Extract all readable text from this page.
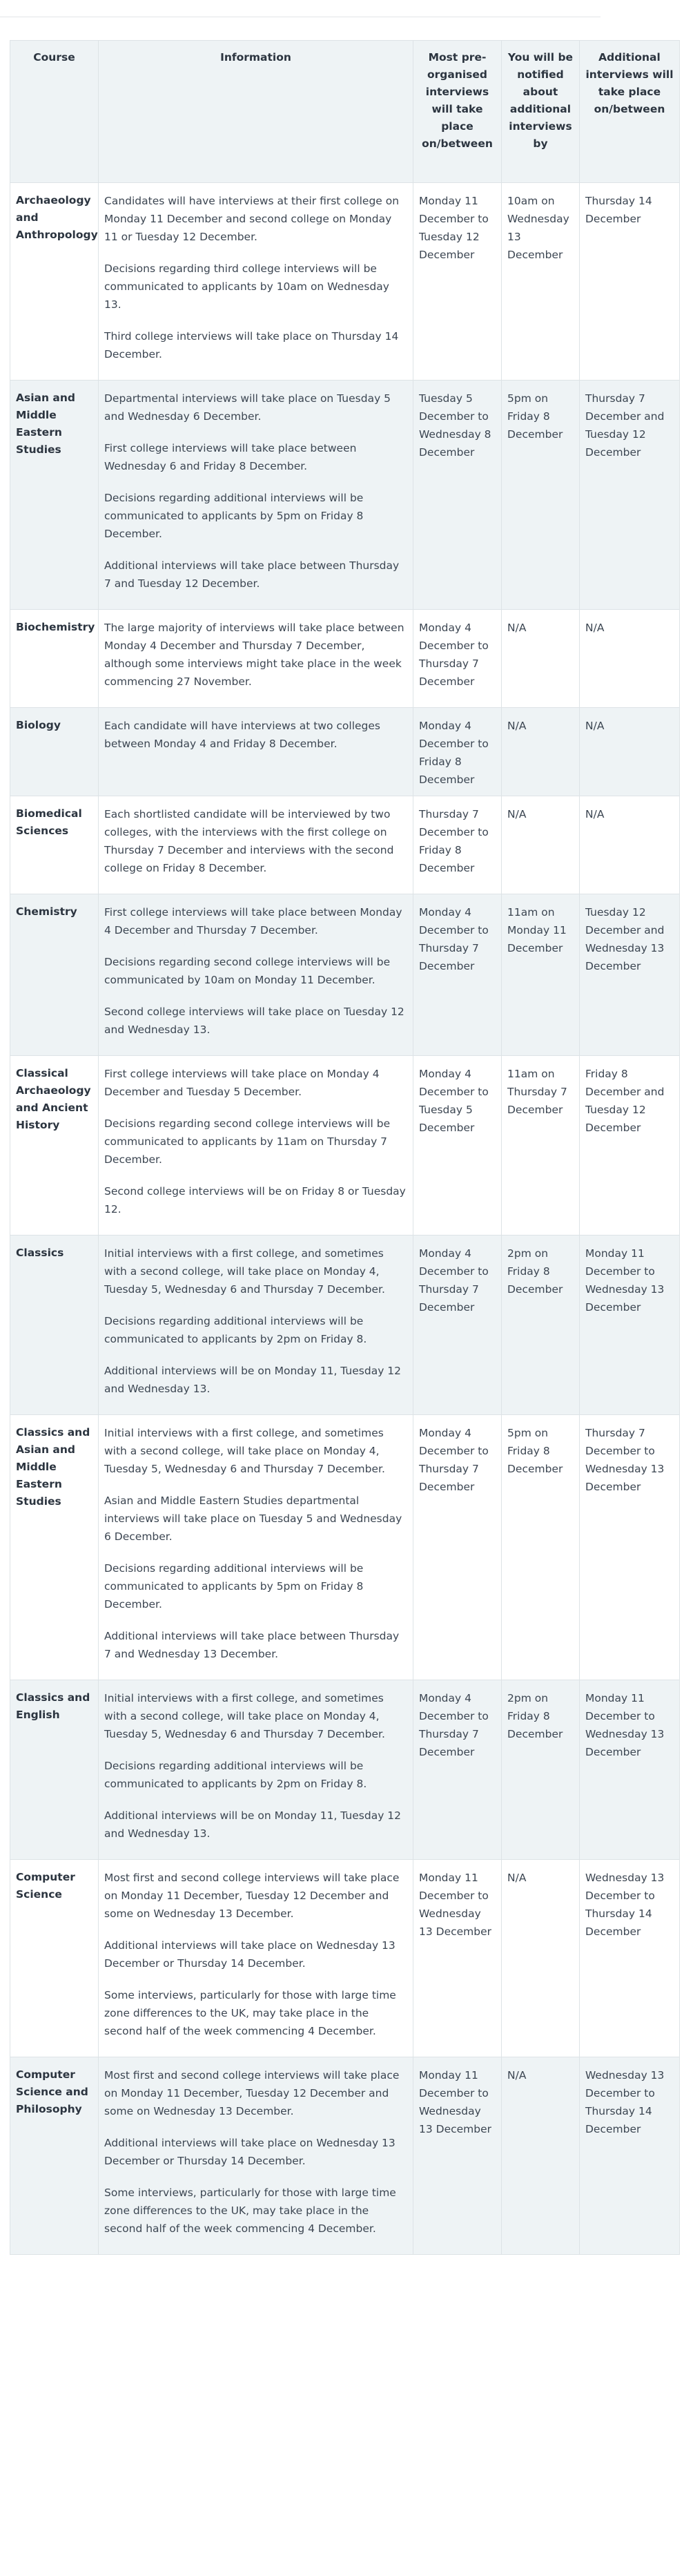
Course	Information	Most pre-organised interviews will take place on/between	You will be notified about additional interviews by	Additional interviews will take place on/between
Archaeology and Anthropology	Candidates will have interviews at their first college on Monday 11 December and second college on Monday 11 or Tuesday 12 December.

Decisions regarding third college interviews will be communicated to applicants by 10am on Wednesday 13.

Third college interviews will take place on Thursday 14 December.	Monday 11 December to Tuesday 12 December	10am on Wednesday 13 December	Thursday 14 December
Asian and Middle Eastern Studies	Departmental interviews will take place on Tuesday 5 and Wednesday 6 December.

First college interviews will take place between Wednesday 6 and Friday 8 December.

Decisions regarding additional interviews will be communicated to applicants by 5pm on Friday 8 December.

Additional interviews will take place between Thursday 7 and Tuesday 12 December.	Tuesday 5 December to Wednesday 8 December	5pm on Friday 8 December	Thursday 7 December and Tuesday 12 December
Biochemistry	The large majority of interviews will take place between Monday 4 December and Thursday 7 December, although some interviews might take place in the week commencing 27 November.	Monday 4 December to Thursday 7 December	N/A	N/A
Biology	Each candidate will have interviews at two colleges between Monday 4 and Friday 8 December.	Monday 4 December to Friday 8 December	N/A	N/A
Biomedical Sciences	Each shortlisted candidate will be interviewed by two colleges, with the interviews with the first college on Thursday 7 December and interviews with the second college on Friday 8 December.	Thursday 7 December to Friday 8 December	N/A	N/A
Chemistry	First college interviews will take place between Monday 4 December and Thursday 7 December.

Decisions regarding second college interviews will be communicated by 10am on Monday 11 December.

Second college interviews will take place on Tuesday 12 and Wednesday 13.	Monday 4 December to Thursday 7 December	11am on Monday 11 December	Tuesday 12 December and Wednesday 13 December
Classical Archaeology and Ancient History	First college interviews will take place on Monday 4 December and Tuesday 5 December.

Decisions regarding second college interviews will be communicated to applicants by 11am on Thursday 7 December.

Second college interviews will be on Friday 8 or Tuesday 12.	Monday 4 December to Tuesday 5 December	11am on Thursday 7 December	Friday 8 December and Tuesday 12 December
Classics	Initial interviews with a first college, and sometimes with a second college, will take place on Monday 4, Tuesday 5, Wednesday 6 and Thursday 7 December.

Decisions regarding additional interviews will be communicated to applicants by 2pm on Friday 8.

Additional interviews will be on Monday 11, Tuesday 12 and Wednesday 13.	Monday 4 December to Thursday 7 December	2pm on Friday 8 December	Monday 11 December to Wednesday 13 December
Classics and Asian and Middle Eastern Studies	Initial interviews with a first college, and sometimes with a second college, will take place on Monday 4, Tuesday 5, Wednesday 6 and Thursday 7 December.

Asian and Middle Eastern Studies departmental interviews will take place on Tuesday 5 and Wednesday 6 December.

Decisions regarding additional interviews will be communicated to applicants by 5pm on Friday 8 December.

Additional interviews will take place between Thursday 7 and Wednesday 13 December.	Monday 4 December to Thursday 7 December	5pm on Friday 8 December	Thursday 7 December to Wednesday 13 December
Classics and English	Initial interviews with a first college, and sometimes with a second college, will take place on Monday 4, Tuesday 5, Wednesday 6 and Thursday 7 December.

Decisions regarding additional interviews will be communicated to applicants by 2pm on Friday 8.

Additional interviews will be on Monday 11, Tuesday 12 and Wednesday 13.	Monday 4 December to Thursday 7 December	2pm on Friday 8 December	Monday 11 December to Wednesday 13 December
Computer Science	Most first and second college interviews will take place on Monday 11 December, Tuesday 12 December and some on Wednesday 13 December.

Additional interviews will take place on Wednesday 13 December or Thursday 14 December.

Some interviews, particularly for those with large time zone differences to the UK, may take place in the second half of the week commencing 4 December.	Monday 11 December to Wednesday 13 December	N/A	Wednesday 13 December to Thursday 14 December
Computer Science and Philosophy	Most first and second college interviews will take place on Monday 11 December, Tuesday 12 December and some on Wednesday 13 December.

Additional interviews will take place on Wednesday 13 December or Thursday 14 December.

Some interviews, particularly for those with large time zone differences to the UK, may take place in the second half of the week commencing 4 December.	Monday 11 December to Wednesday 13 December	N/A	Wednesday 13 December to Thursday 14 December
